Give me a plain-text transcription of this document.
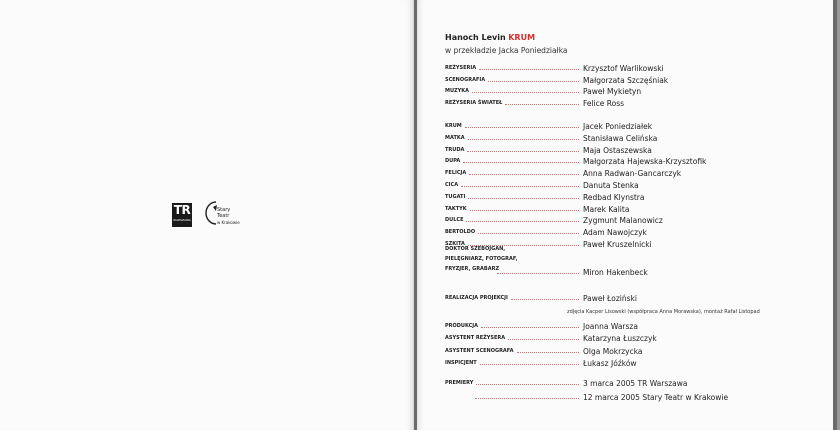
TR
WARSZAWA
Stary
Teatr
w Krakowie
Hanoch Levin KRUM
w przekładzie Jacka Poniedziałka
REŻYSERIA	Krzysztof Warlikowski
SCENOGRAFIA	Małgorzata Szczęśniak
MUZYKA	Paweł Mykietyn
REŻYSERIA ŚWIATEŁ	Felice Ross
KRUM	Jacek Poniedziałek
MATKA	Stanisława Celińska
TRUDA	Maja Ostaszewska
DUPA	Małgorzata Hajewska-Krzysztofik
FELICJA	Anna Radwan-Gancarczyk
CICA	Danuta Stenka
TUGATI	Redbad Klynstra
TAKTYK	Marek Kalita
DULCE	Zygmunt Malanowicz
BERTOLDO	Adam Nawojczyk
SZKITA	Paweł Kruszelnicki
DOKTOR SZEBOJGAN,
PIELĘGNIARZ, FOTOGRAF,
FRYZJER, GRABARZ	Miron Hakenbeck
REALIZACJA PROJEKCJI	Paweł Łoziński
zdjęcia Kacper Lisowski (współpraca Anna Morawska), montaż Rafał Listopad
PRODUKCJA	Joanna Warsza
ASYSTENT REŻYSERA	Katarzyna Łuszczyk
ASYSTENT SCENOGRAFA	Olga Mokrzycka
INSPICJENT	Łukasz Jóźków
PREMIERY	3 marca 2005 TR Warszawa
12 marca 2005 Stary Teatr w Krakowie
